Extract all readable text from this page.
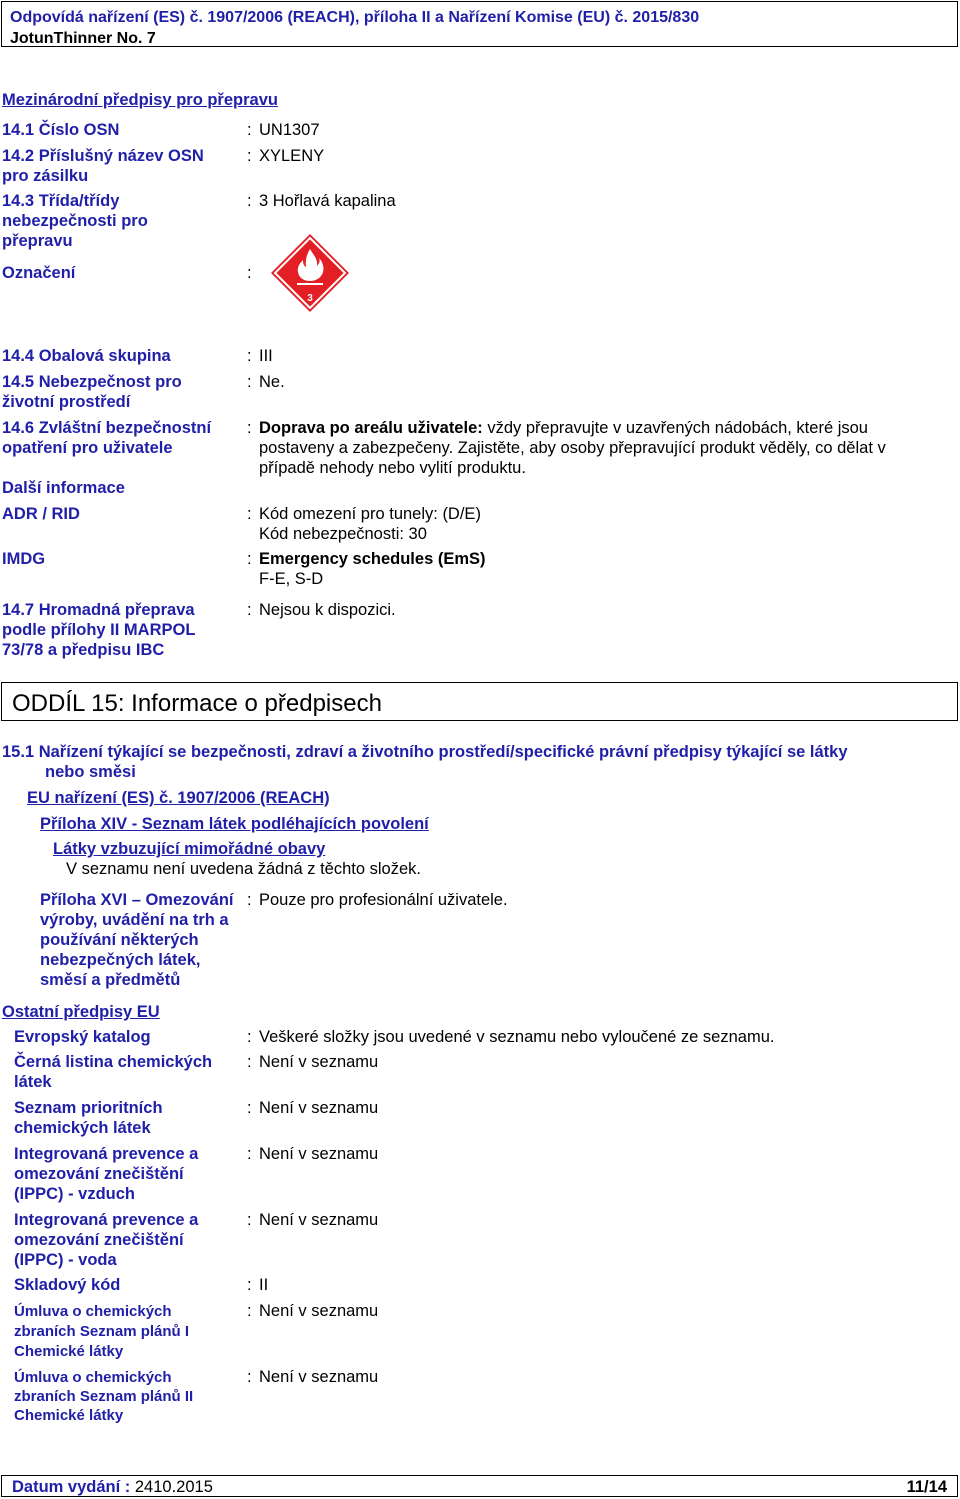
Odpovídá nařízení (ES) č. 1907/2006 (REACH), příloha II a Nařízení Komise (EU) č. 2015/830
JotunThinner No. 7
Mezinárodní předpisy pro přepravu
14.1 Číslo OSN	: UN1307
14.2 Příslušný název OSN
pro zásilku
: XYLENY
14.3 Třída/třídy
nebezpečnosti pro
přepravu
: 3 Hořlavá kapalina
Označení	:
3
14.4 Obalová skupina	: III
14.5 Nebezpečnost pro
životní prostředí
: Ne.
14.6 Zvláštní bezpečnostní
opatření pro uživatele
: Doprava po areálu uživatele: vždy přepravujte v uzavřených nádobách, které jsou
postaveny a zabezpečeny. Zajistěte, aby osoby přepravující produkt věděly, co dělat v
případě nehody nebo vylití produktu.
Další informace
ADR / RID	: Kód omezení pro tunely: (D/E)
Kód nebezpečnosti: 30
IMDG	: Emergency schedules (EmS)
F-E, S-D
14.7 Hromadná přeprava
podle přílohy II MARPOL
73/78 a předpisu IBC
: Nejsou k dispozici.
ODDÍL 15: Informace o předpisech
15.1 Nařízení týkající se bezpečnosti, zdraví a životního prostředí/specifické právní předpisy týkající se látky
nebo směsi
EU nařízení (ES) č. 1907/2006 (REACH)
Příloha XIV - Seznam látek podléhajících povolení
Látky vzbuzující mimořádné obavy
V seznamu není uvedena žádná z těchto složek.
Příloha XVI – Omezování
výroby, uvádění na trh a
používání některých
nebezpečných látek,
směsí a předmětů
: Pouze pro profesionální uživatele.
Ostatní předpisy EU
Evropský katalog	: Veškeré složky jsou uvedené v seznamu nebo vyloučené ze seznamu.
Černá listina chemických
látek
: Není v seznamu
Seznam prioritních
chemických látek
: Není v seznamu
Integrovaná prevence a
omezování znečištění
(IPPC) - vzduch
: Není v seznamu
Integrovaná prevence a
omezování znečištění
(IPPC) - voda
: Není v seznamu
Skladový kód	: II
Úmluva o chemických
zbraních Seznam plánů I
Chemické látky
: Není v seznamu
Úmluva o chemických
zbraních Seznam plánů II
Chemické látky
: Není v seznamu
Datum vydání : 2410.2015	11/14
